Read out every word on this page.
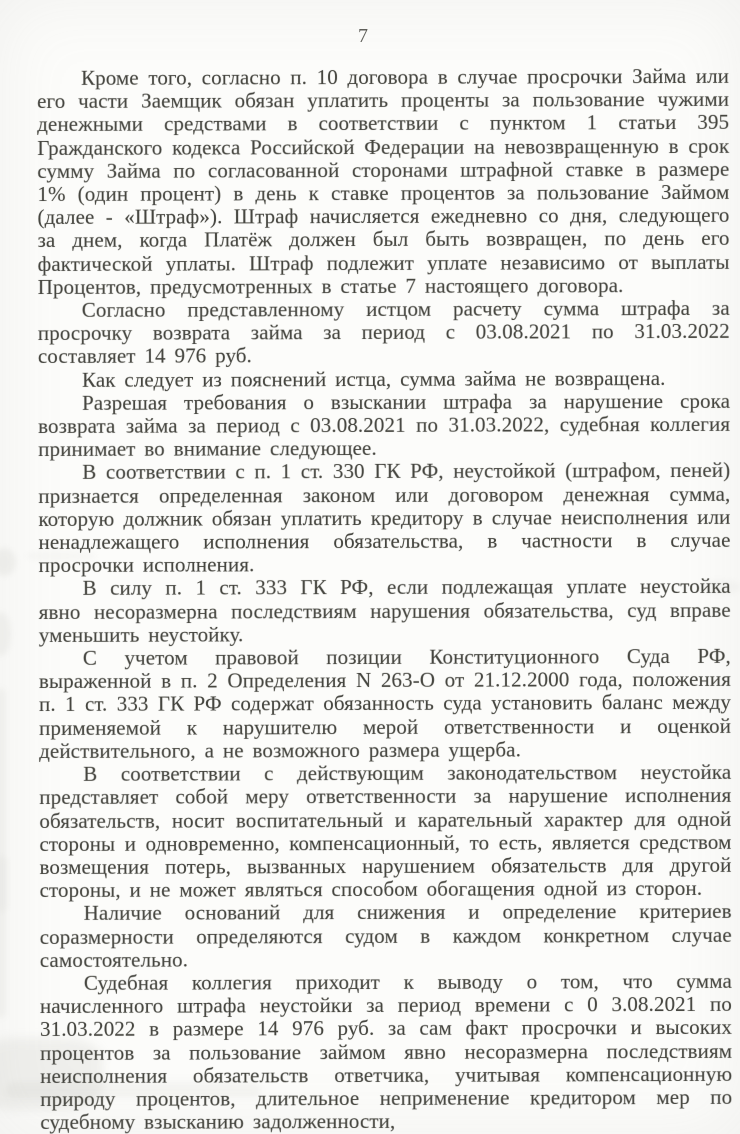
7

Кроме того, согласно п. 10 договора в случае просрочки Займа или его части Заемщик обязан уплатить проценты за пользование чужими денежными средствами в соответствии с пунктом 1 статьи 395 Гражданского кодекса Российской Федерации на невозвращенную в срок сумму Займа по согласованной сторонами штрафной ставке в размере 1% (один процент) в день к ставке процентов за пользование Займом (далее - «Штраф»). Штраф начисляется ежедневно со дня, следующего за днем, когда Платёж должен был быть возвращен, по день его фактической уплаты. Штраф подлежит уплате независимо от выплаты Процентов, предусмотренных в статье 7 настоящего договора.

Согласно представленному истцом расчету сумма штрафа за просрочку возврата займа за период с 03.08.2021 по 31.03.2022 составляет 14 976 руб.

Как следует из пояснений истца, сумма займа не возвращена.

Разрешая требования о взыскании штрафа за нарушение срока возврата займа за период с 03.08.2021 по 31.03.2022, судебная коллегия принимает во внимание следующее.

В соответствии с п. 1 ст. 330 ГК РФ, неустойкой (штрафом, пеней) признается определенная законом или договором денежная сумма, которую должник обязан уплатить кредитору в случае неисполнения или ненадлежащего исполнения обязательства, в частности в случае просрочки исполнения.

В силу п. 1 ст. 333 ГК РФ, если подлежащая уплате неустойка явно несоразмерна последствиям нарушения обязательства, суд вправе уменьшить неустойку.

С учетом правовой позиции Конституционного Суда РФ, выраженной в п. 2 Определения N 263-О от 21.12.2000 года, положения п. 1 ст. 333 ГК РФ содержат обязанность суда установить баланс между применяемой к нарушителю мерой ответственности и оценкой действительного, а не возможного размера ущерба.

В соответствии с действующим законодательством неустойка представляет собой меру ответственности за нарушение исполнения обязательств, носит воспитательный и карательный характер для одной стороны и одновременно, компенсационный, то есть, является средством возмещения потерь, вызванных нарушением обязательств для другой стороны, и не может являться способом обогащения одной из сторон.

Наличие оснований для снижения и определение критериев соразмерности определяются судом в каждом конкретном случае самостоятельно.

Судебная коллегия приходит к выводу о том, что сумма начисленного штрафа неустойки за период времени с 0 3.08.2021 по 31.03.2022 в размере 14 976 руб. за сам факт просрочки и высоких процентов за пользование займом явно несоразмерна последствиям неисполнения обязательств ответчика, учитывая компенсационную природу процентов, длительное неприменение кредитором мер по судебному взысканию задолженности,
